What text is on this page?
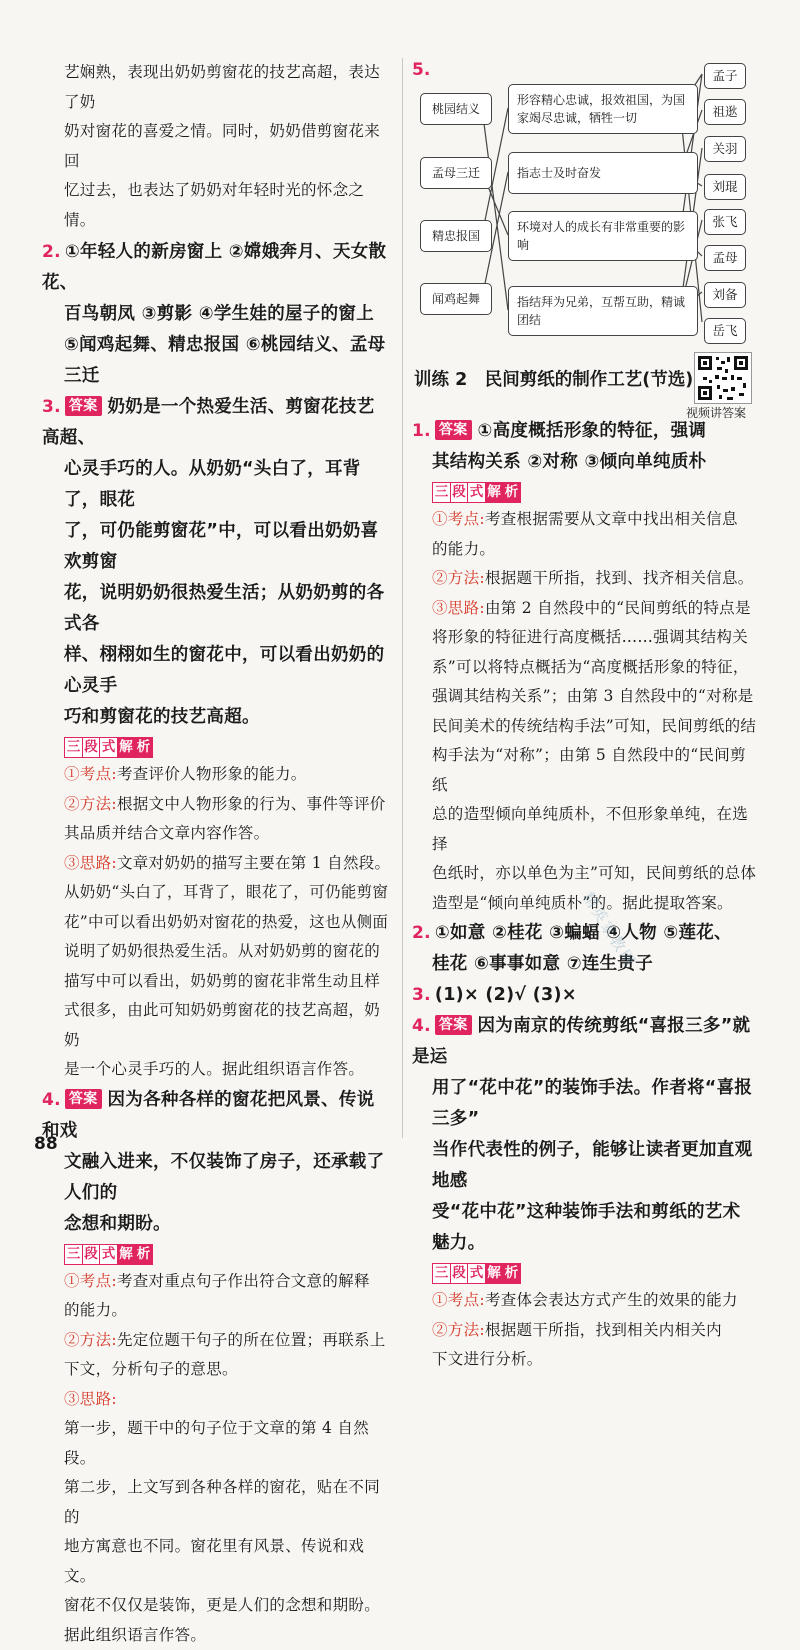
艺娴熟，表现出奶奶剪窗花的技艺高超，表达了奶

奶对窗花的喜爱之情。同时，奶奶借剪窗花来回

忆过去，也表达了奶奶对年轻时光的怀念之情。

2. ①年轻人的新房窗上 ②嫦娥奔月、天女散花、

百鸟朝凤 ③剪影 ④学生娃的屋子的窗上

⑤闻鸡起舞、精忠报国 ⑥桃园结义、孟母三迁

3. 答案 奶奶是一个热爱生活、剪窗花技艺高超、

心灵手巧的人。从奶奶“头白了，耳背了，眼花

了，可仍能剪窗花”中，可以看出奶奶喜欢剪窗

花，说明奶奶很热爱生活；从奶奶剪的各式各

样、栩栩如生的窗花中，可以看出奶奶的心灵手

巧和剪窗花的技艺高超。

三 段 式 解 析

①考点:考查评价人物形象的能力。

②方法:根据文中人物形象的行为、事件等评价

其品质并结合文章内容作答。

③思路:文章对奶奶的描写主要在第 1 自然段。

从奶奶“头白了，耳背了，眼花了，可仍能剪窗

花”中可以看出奶奶对窗花的热爱，这也从侧面

说明了奶奶很热爱生活。从对奶奶剪的窗花的

描写中可以看出，奶奶剪的窗花非常生动且样

式很多，由此可知奶奶剪窗花的技艺高超，奶奶

是一个心灵手巧的人。据此组织语言作答。

4. 答案 因为各种各样的窗花把风景、传说和戏

文融入进来，不仅装饰了房子，还承载了人们的

念想和期盼。

三 段 式 解 析

①考点:考查对重点句子作出符合文意的解释

的能力。

②方法:先定位题干句子的所在位置；再联系上

下文，分析句子的意思。

③思路:

第一步，题干中的句子位于文章的第 4 自然段。

第二步，上文写到各种各样的窗花，贴在不同的

地方寓意也不同。窗花里有风景、传说和戏文。

窗花不仅仅是装饰，更是人们的念想和期盼。

据此组织语言作答。

88
5.
桃园结义
孟母三迁
精忠报国
闻鸡起舞
形容精心忠诚，报效祖国，为国家竭尽忠诚，牺牲一切
指志士及时奋发
环境对人的成长有非常重要的影响
指结拜为兄弟，互帮互助，精诚团结
孟子
祖逖
关羽
刘琨
张飞
孟母
刘备
岳飞
训练 2　民间剪纸的制作工艺(节选)
视频讲答案

1. 答案 ①高度概括形象的特征，强调

其结构关系 ②对称 ③倾向单纯质朴

三 段 式 解 析

①考点:考查根据需要从文章中找出相关信息

的能力。

②方法:根据题干所指，找到、找齐相关信息。

③思路:由第 2 自然段中的“民间剪纸的特点是

将形象的特征进行高度概括……强调其结构关

系”可以将特点概括为“高度概括形象的特征，

强调其结构关系”；由第 3 自然段中的“对称是

民间美术的传统结构手法”可知，民间剪纸的结

构手法为“对称”；由第 5 自然段中的“民间剪纸

总的造型倾向单纯质朴，不但形象单纯，在选择

色纸时，亦以单色为主”可知，民间剪纸的总体

造型是“倾向单纯质朴”的。据此提取答案。

2. ①如意 ②桂花 ③蝙蝠 ④人物 ⑤莲花、

桂花 ⑥事事如意 ⑦连生贵子

3. (1)× (2)√ (3)×

4. 答案 因为南京的传统剪纸“喜报三多”就是运

用了“花中花”的装饰手法。作者将“喜报三多”

当作代表性的例子，能够让读者更加直观地感

受“花中花”这种装饰手法和剪纸的艺术魅力。

三 段 式 解 析

①考点:考查体会表达方式产生的效果的能力

②方法:根据题干所指，找到相关内相关内

下文进行分析。

精英家教网
